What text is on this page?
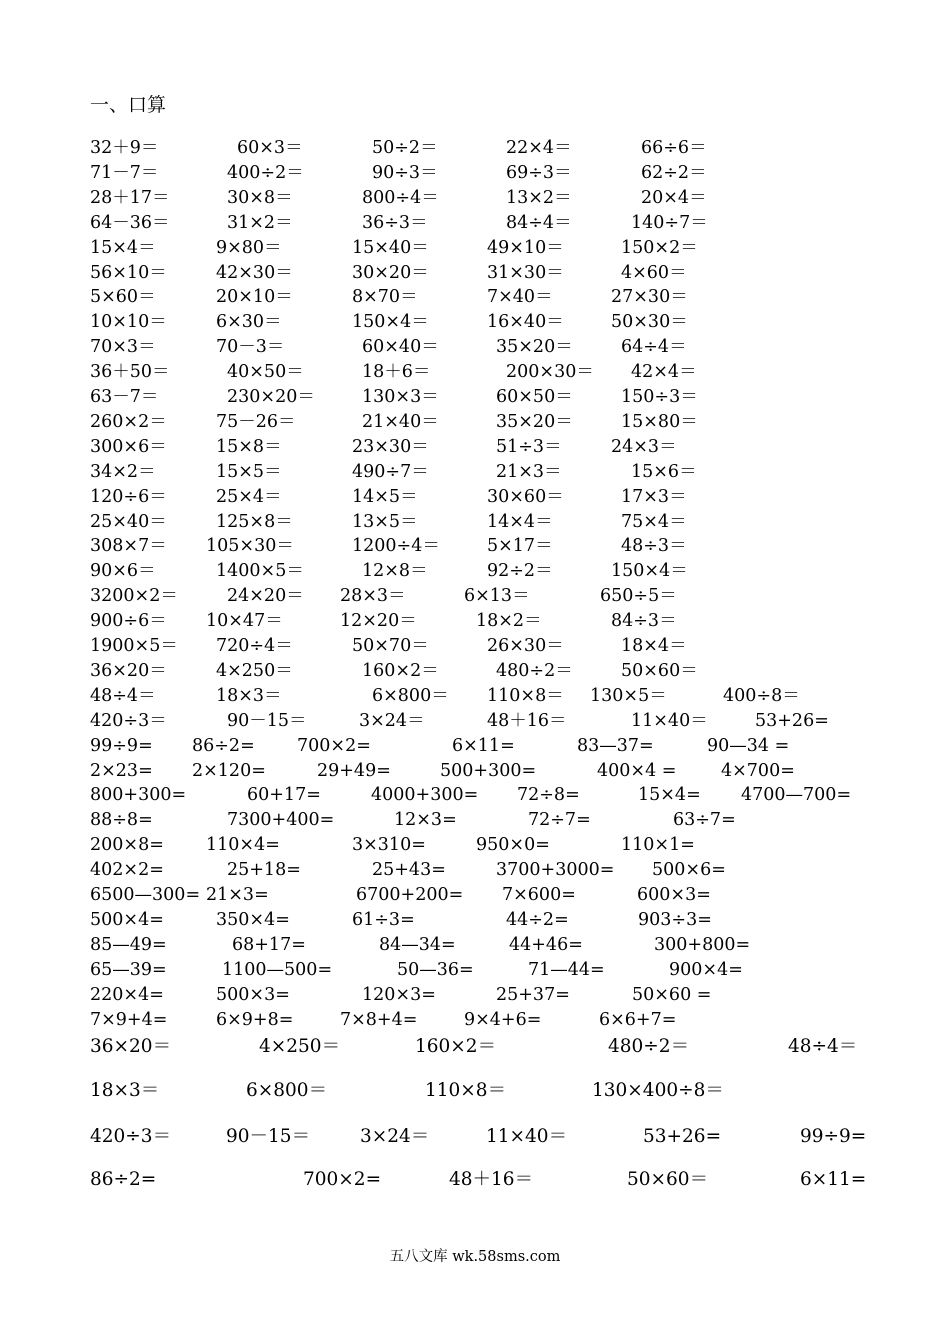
一、口算
32＋9＝	60×3＝	50÷2＝	22×4＝	66÷6＝
71－7＝	400÷2＝	90÷3＝	69÷3＝	62÷2＝
28＋17＝	30×8＝	800÷4＝	13×2＝	20×4＝
64－36＝	31×2＝	36÷3＝	84÷4＝	140÷7＝
15×4＝	9×80＝	15×40＝	49×10＝	150×2＝
56×10＝	42×30＝	30×20＝	31×30＝	4×60＝
5×60＝	20×10＝	8×70＝	7×40＝	27×30＝
10×10＝	6×30＝	150×4＝	16×40＝	50×30＝
70×3＝	70－3＝	60×40＝	35×20＝	64÷4＝
36＋50＝	40×50＝	18＋6＝	200×30＝ 42×4＝
63－7＝	230×20＝	130×3＝	60×50＝	150÷3＝
260×2＝	75－26＝	21×40＝	35×20＝	15×80＝
300×6＝	15×8＝	23×30＝	51÷3＝	24×3＝
34×2＝	15×5＝	490÷7＝	21×3＝	15×6＝
120÷6＝	25×4＝	14×5＝	30×60＝	17×3＝
25×40＝	125×8＝	13×5＝	14×4＝	75×4＝
308×7＝ 105×30＝	1200÷4＝	5×17＝	48÷3＝
90×6＝	1400×5＝	12×8＝	92÷2＝	150×4＝
3200×2＝	24×20＝ 28×3＝	6×13＝	650÷5＝
900÷6＝ 10×47＝	12×20＝	18×2＝	84÷3＝
1900×5＝ 720÷4＝	50×70＝	26×30＝	18×4＝
36×20＝	4×250＝	160×2＝	480÷2＝	50×60＝
48÷4＝	18×3＝	6×800＝ 110×8＝ 130×5＝	400÷8＝
420÷3＝	90－15＝	3×24＝	48＋16＝	11×40＝	53+26=
99÷9= 86÷2= 700×2=	6×11=	83—37=	90—34 =
2×23= 2×120=	29+49=	500+300=	400×4 =	4×700=
800+300=	60+17=	4000+300= 72÷8=	15×4= 4700—700=
88÷8=	7300+400=	12×3=	72÷7=	63÷7=
200×8= 110×4=	3×310=	950×0=	110×1=
402×2=	25+18=	25+43=	3700+3000= 500×6=
6500—300= 21×3=	6700+200= 7×600=	600×3=
500×4=	350×4=	61÷3=	44÷2=	903÷3=
85—49=	68+17=	84—34=	44+46=	300+800=
65—39=	1100—500=	50—36=	71—44=	900×4=
220×4=	500×3=	120×3=	25+37=	50×60 =
7×9+4=	6×9+8=	7×8+4=	9×4+6=	6×6+7=
36×20＝	4×250＝	160×2＝	480÷2＝	48÷4＝
18×3＝	6×800＝	110×8＝	130×400÷8＝
420÷3＝	90－15＝	3×24＝	11×40＝	53+26=	99÷9=
86÷2=	700×2=	48＋16＝	50×60＝	6×11=
五八文库 wk.58sms.com
